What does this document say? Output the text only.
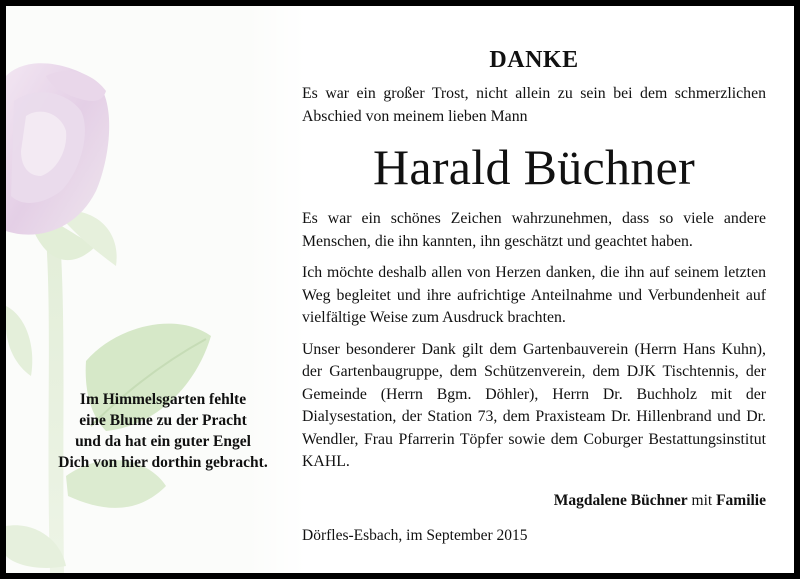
Im Himmelsgarten fehlte
eine Blume zu der Pracht
und da hat ein guter Engel
Dich von hier dorthin gebracht.
DANKE

Es war ein großer Trost, nicht allein zu sein bei dem schmerzlichen Abschied von meinem lieben Mann

Harald Büchner

Es war ein schönes Zeichen wahrzunehmen, dass so viele andere Menschen, die ihn kannten, ihn geschätzt und geachtet haben.

Ich möchte deshalb allen von Herzen danken, die ihn auf seinem letzten Weg begleitet und ihre aufrichtige Anteilnahme und Verbundenheit auf vielfältige Weise zum Ausdruck brachten.

Unser besonderer Dank gilt dem Gartenbauverein (Herrn Hans Kuhn), der Gartenbaugruppe, dem Schützenverein, dem DJK Tischtennis, der Gemeinde (Herrn Bgm. Döhler), Herrn Dr. Buchholz mit der Dialysestation, der Station 73, dem Praxisteam Dr. Hillenbrand und Dr. Wendler, Frau Pfarrerin Töpfer sowie dem Coburger Bestattungsinstitut KAHL.

Magdalene Büchner mit Familie
Dörfles-Esbach, im September 2015
